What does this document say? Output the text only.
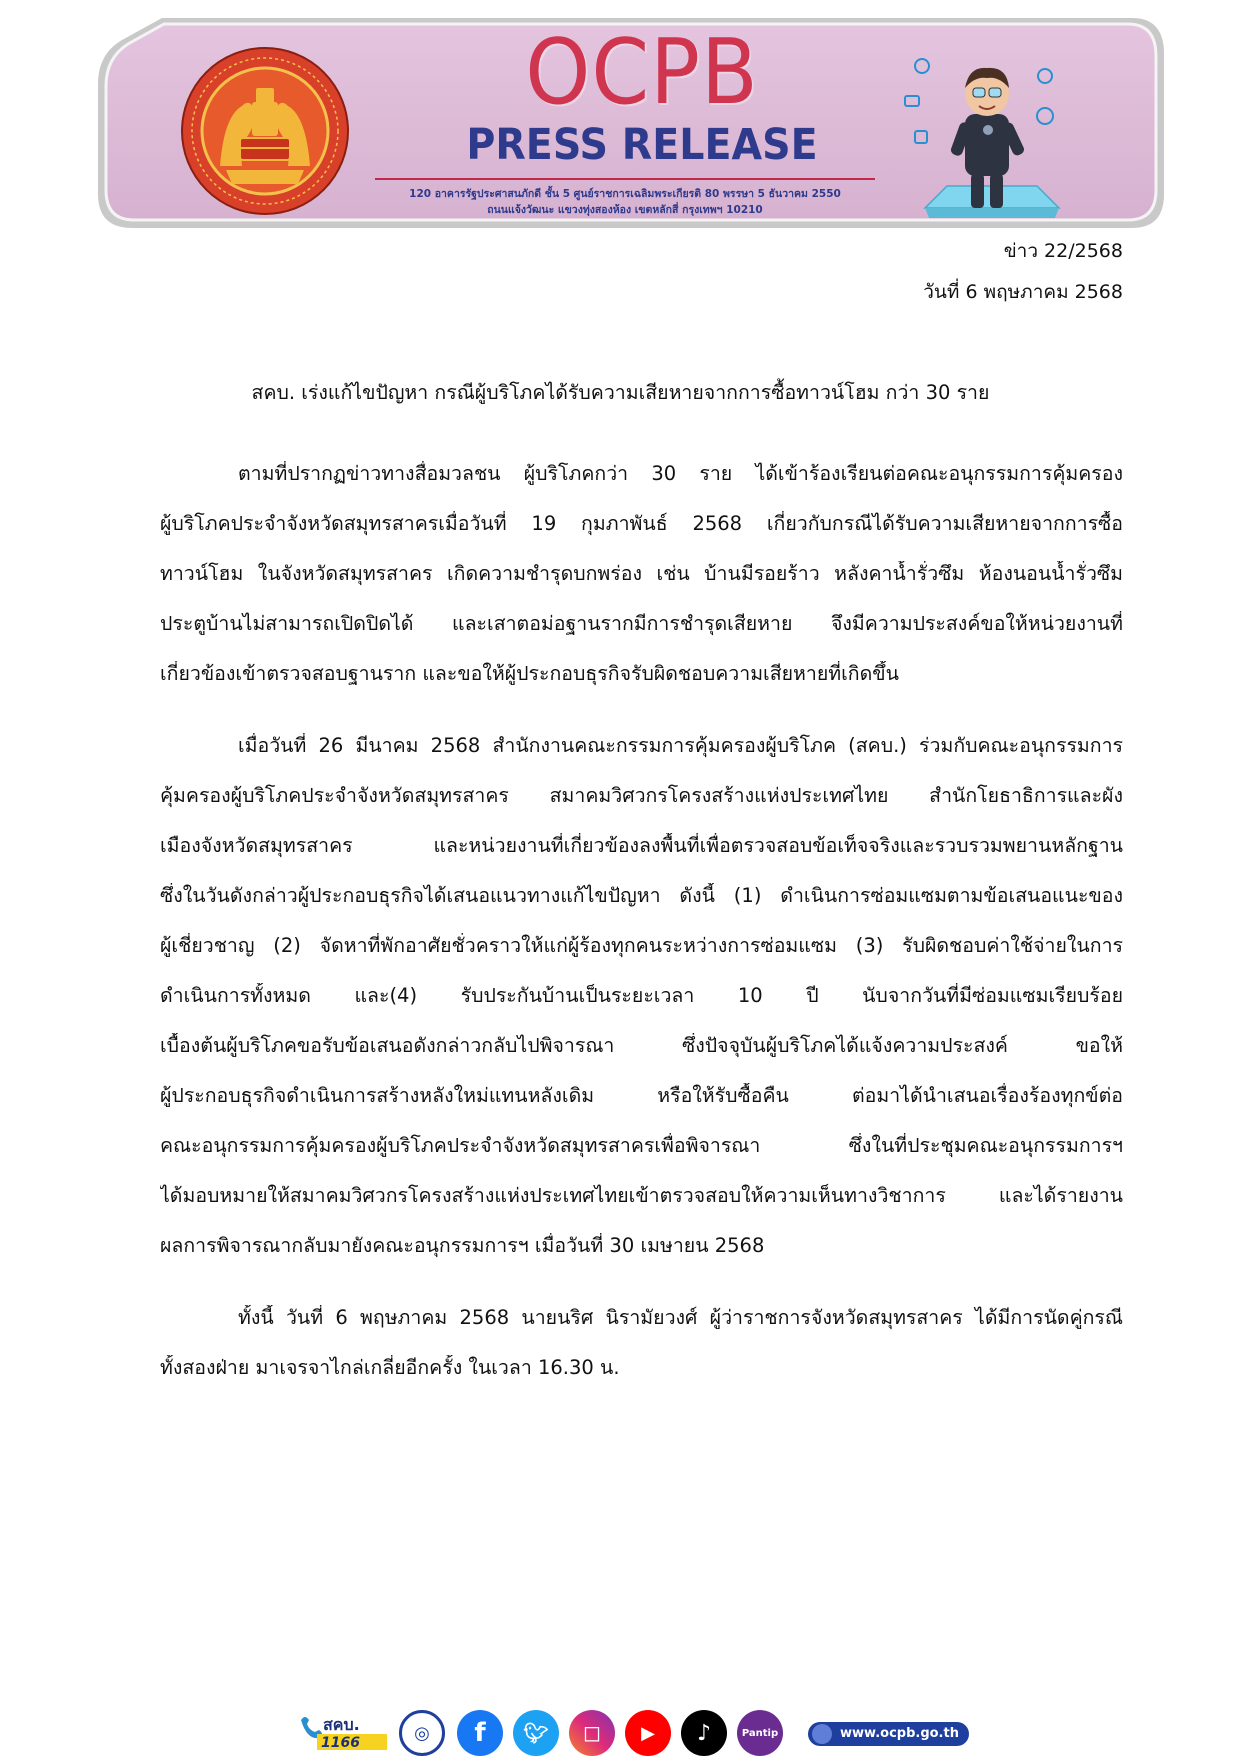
OCPB
PRESS RELEASE
120 อาคารรัฐประศาสนภักดี ชั้น 5 ศูนย์ราชการเฉลิมพระเกียรติ 80 พรรษา 5 ธันวาคม 2550
ถนนแจ้งวัฒนะ แขวงทุ่งสองห้อง เขตหลักสี่ กรุงเทพฯ 10210
ข่าว 22/2568
วันที่ 6 พฤษภาคม 2568
สคบ. เร่งแก้ไขปัญหา กรณีผู้บริโภคได้รับความเสียหายจากการซื้อทาวน์โฮม กว่า 30 ราย
ตามที่ปรากฏข่าวทางสื่อมวลชน ผู้บริโภคกว่า 30 ราย ได้เข้าร้องเรียนต่อคณะอนุกรรมการคุ้มครอง
ผู้บริโภคประจำจังหวัดสมุทรสาครเมื่อวันที่ 19 กุมภาพันธ์ 2568 เกี่ยวกับกรณีได้รับความเสียหายจากการซื้อ
ทาวน์โฮม ในจังหวัดสมุทรสาคร เกิดความชำรุดบกพร่อง เช่น บ้านมีรอยร้าว หลังคาน้ำรั่วซึม ห้องนอนน้ำรั่วซึม
ประตูบ้านไม่สามารถเปิดปิดได้ และเสาตอม่อฐานรากมีการชำรุดเสียหาย จึงมีความประสงค์ขอให้หน่วยงานที่
เกี่ยวข้องเข้าตรวจสอบฐานราก และขอให้ผู้ประกอบธุรกิจรับผิดชอบความเสียหายที่เกิดขึ้น
เมื่อวันที่ 26 มีนาคม 2568 สำนักงานคณะกรรมการคุ้มครองผู้บริโภค (สคบ.) ร่วมกับคณะอนุกรรมการ
คุ้มครองผู้บริโภคประจำจังหวัดสมุทรสาคร สมาคมวิศวกรโครงสร้างแห่งประเทศไทย สำนักโยธาธิการและผัง
เมืองจังหวัดสมุทรสาคร และหน่วยงานที่เกี่ยวข้องลงพื้นที่เพื่อตรวจสอบข้อเท็จจริงและรวบรวมพยานหลักฐาน
ซึ่งในวันดังกล่าวผู้ประกอบธุรกิจได้เสนอแนวทางแก้ไขปัญหา ดังนี้ (1) ดำเนินการซ่อมแซมตามข้อเสนอแนะของ
ผู้เชี่ยวชาญ (2) จัดหาที่พักอาศัยชั่วคราวให้แก่ผู้ร้องทุกคนระหว่างการซ่อมแซม (3) รับผิดชอบค่าใช้จ่ายในการ
ดำเนินการทั้งหมด และ(4) รับประกันบ้านเป็นระยะเวลา 10 ปี นับจากวันที่มีซ่อมแซมเรียบร้อย
เบื้องต้นผู้บริโภคขอรับข้อเสนอดังกล่าวกลับไปพิจารณา ซึ่งปัจจุบันผู้บริโภคได้แจ้งความประสงค์ ขอให้
ผู้ประกอบธุรกิจดำเนินการสร้างหลังใหม่แทนหลังเดิม หรือให้รับซื้อคืน ต่อมาได้นำเสนอเรื่องร้องทุกข์ต่อ
คณะอนุกรรมการคุ้มครองผู้บริโภคประจำจังหวัดสมุทรสาครเพื่อพิจารณา ซึ่งในที่ประชุมคณะอนุกรรมการฯ
ได้มอบหมายให้สมาคมวิศวกรโครงสร้างแห่งประเทศไทยเข้าตรวจสอบให้ความเห็นทางวิชาการ และได้รายงาน
ผลการพิจารณากลับมายังคณะอนุกรรมการฯ เมื่อวันที่ 30 เมษายน 2568
ทั้งนี้ วันที่ 6 พฤษภาคม 2568 นายนริศ นิรามัยวงศ์ ผู้ว่าราชการจังหวัดสมุทรสาคร ได้มีการนัดคู่กรณี
ทั้งสองฝ่าย มาเจรจาไกล่เกลี่ยอีกครั้ง ในเวลา 16.30 น.
สคบ.
1166	◎	f	🐦︎	◻	▶	♪	Pantip	www.ocpb.go.th
